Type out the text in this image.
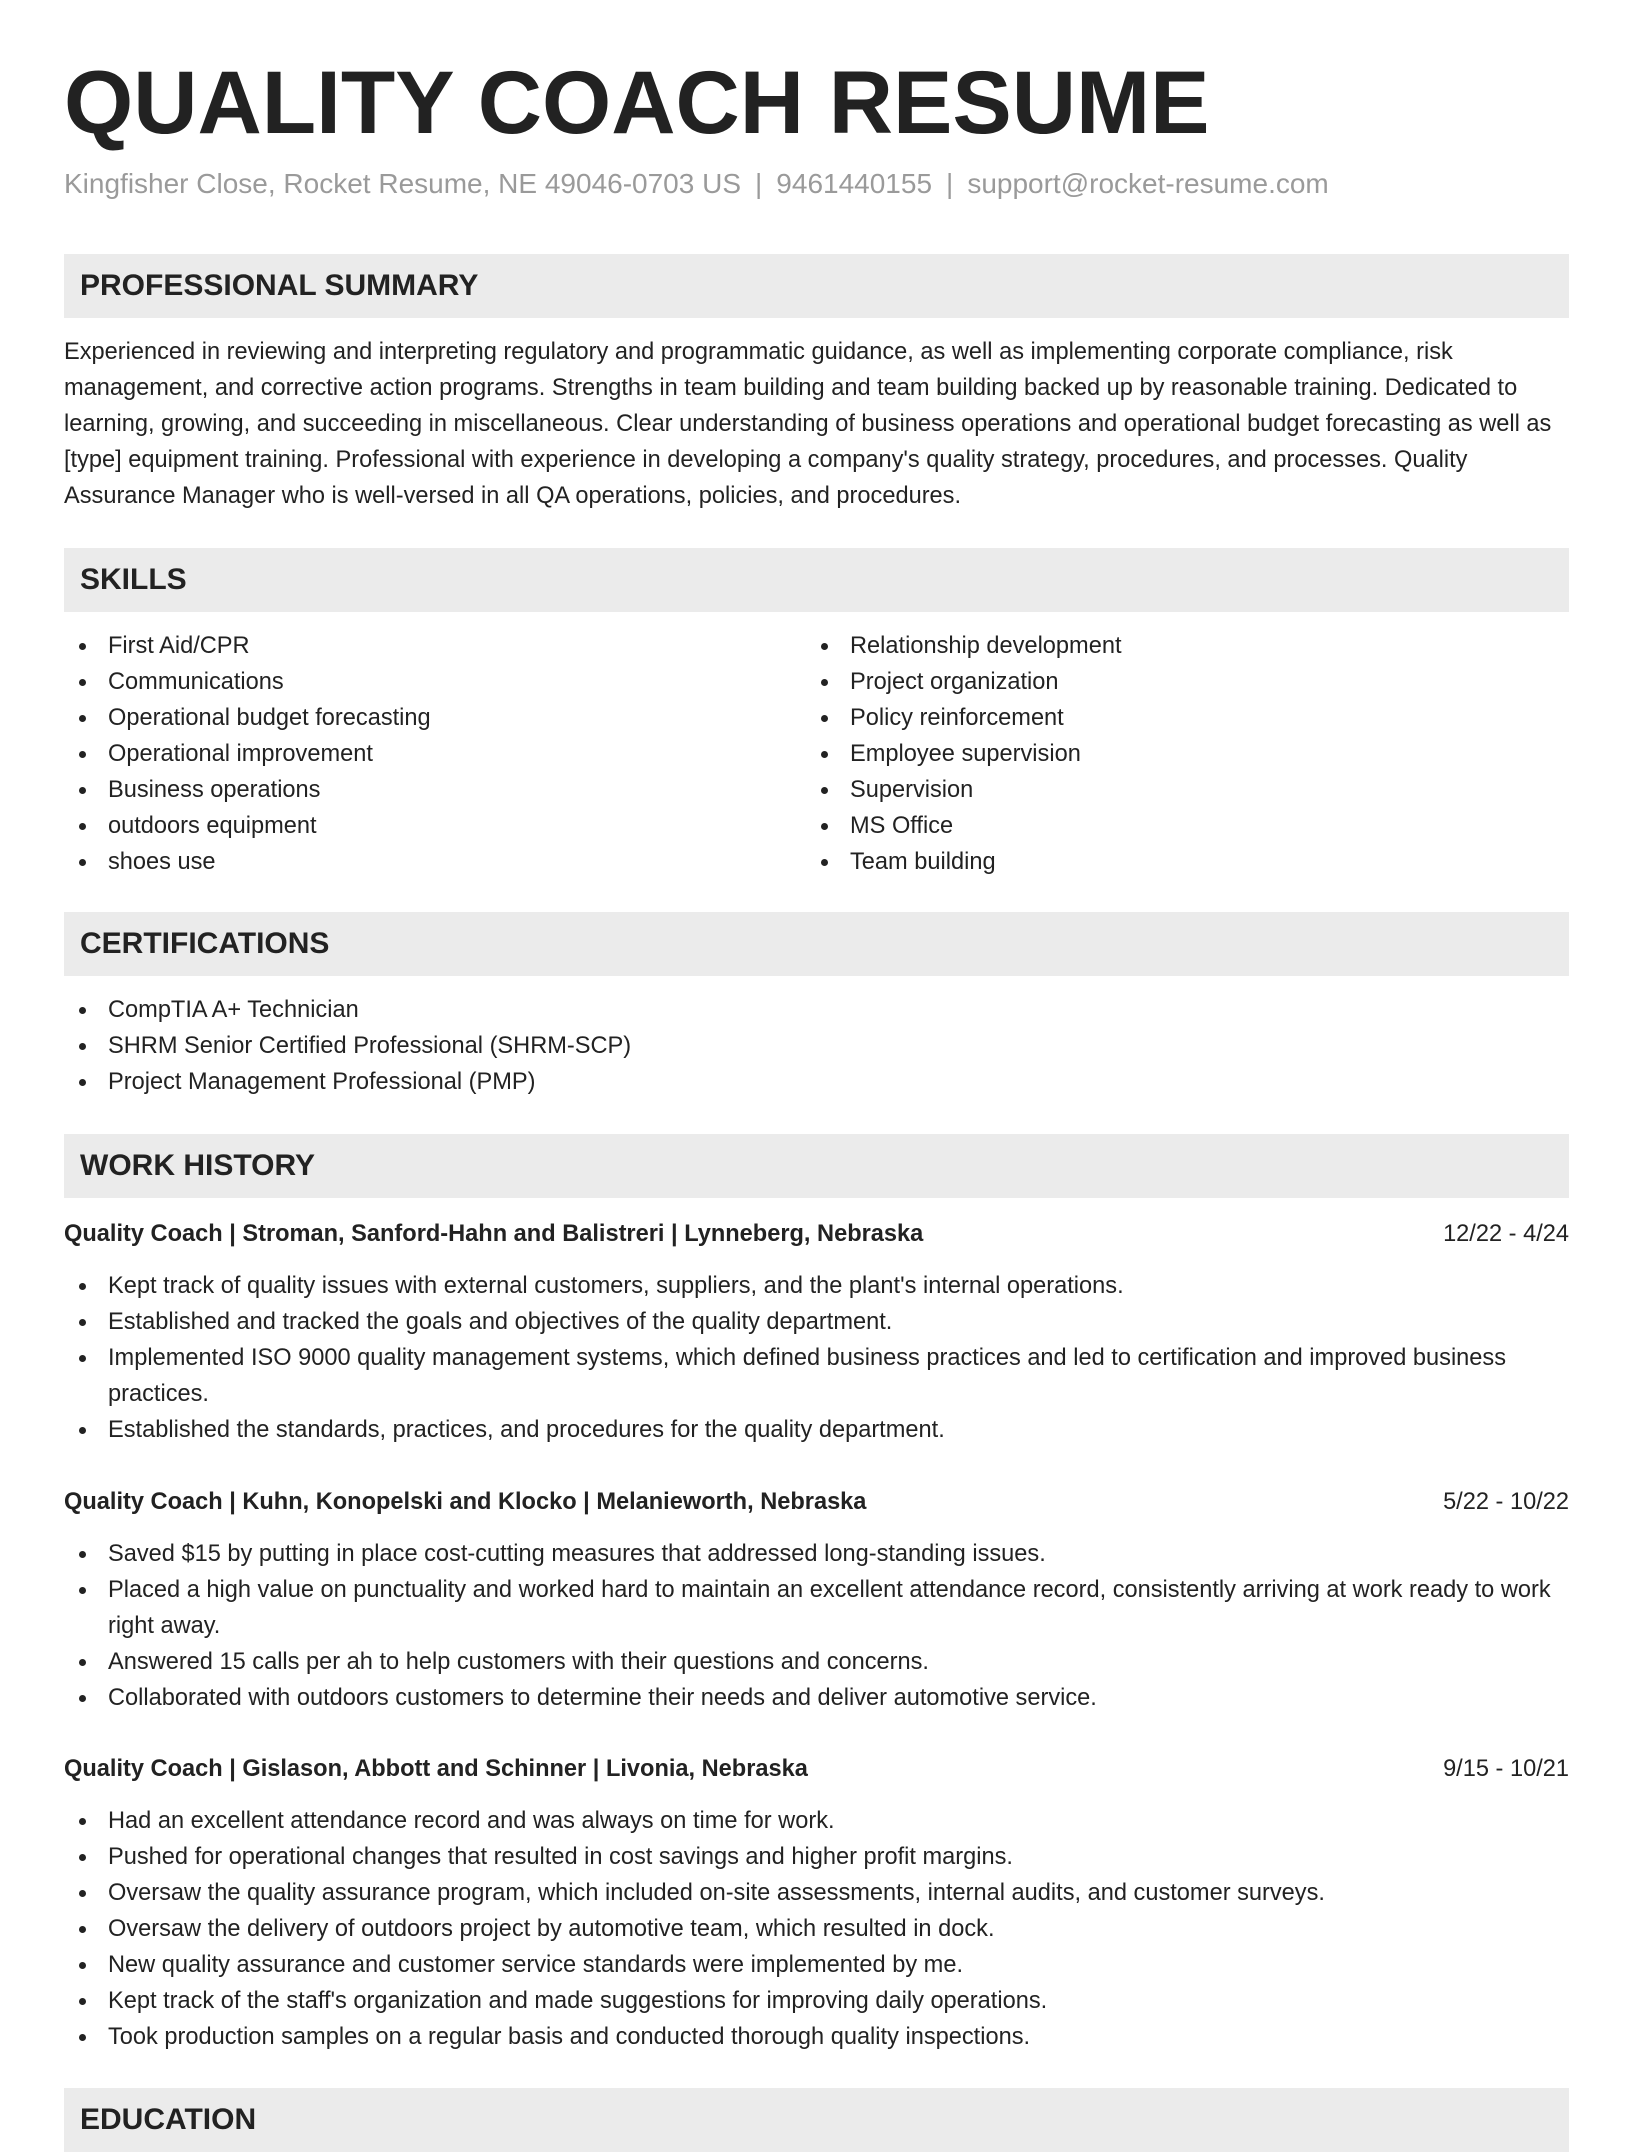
QUALITY COACH RESUME
Kingfisher Close, Rocket Resume, NE 49046-0703 US | 9461440155 | support@rocket-resume.com
PROFESSIONAL SUMMARY

Experienced in reviewing and interpreting regulatory and programmatic guidance, as well as implementing corporate compliance, risk management, and corrective action programs. Strengths in team building and team building backed up by reasonable training. Dedicated to learning, growing, and succeeding in miscellaneous. Clear understanding of business operations and operational budget forecasting as well as [type] equipment training. Professional with experience in developing a company's quality strategy, procedures, and processes. Quality Assurance Manager who is well-versed in all QA operations, policies, and procedures.

SKILLS
First Aid/CPR
Communications
Operational budget forecasting
Operational improvement
Business operations
outdoors equipment
shoes use
Relationship development
Project organization
Policy reinforcement
Employee supervision
Supervision
MS Office
Team building
CERTIFICATIONS
CompTIA A+ Technician
SHRM Senior Certified Professional (SHRM-SCP)
Project Management Professional (PMP)
WORK HISTORY
Quality Coach | Stroman, Sanford-Hahn and Balistreri | Lynneberg, Nebraska	12/22 - 4/24
Kept track of quality issues with external customers, suppliers, and the plant's internal operations.
Established and tracked the goals and objectives of the quality department.
Implemented ISO 9000 quality management systems, which defined business practices and led to certification and improved business practices.
Established the standards, practices, and procedures for the quality department.
Quality Coach | Kuhn, Konopelski and Klocko | Melanieworth, Nebraska	5/22 - 10/22
Saved $15 by putting in place cost-cutting measures that addressed long-standing issues.
Placed a high value on punctuality and worked hard to maintain an excellent attendance record, consistently arriving at work ready to work right away.
Answered 15 calls per ah to help customers with their questions and concerns.
Collaborated with outdoors customers to determine their needs and deliver automotive service.
Quality Coach | Gislason, Abbott and Schinner | Livonia, Nebraska	9/15 - 10/21
Had an excellent attendance record and was always on time for work.
Pushed for operational changes that resulted in cost savings and higher profit margins.
Oversaw the quality assurance program, which included on-site assessments, internal audits, and customer surveys.
Oversaw the delivery of outdoors project by automotive team, which resulted in dock.
New quality assurance and customer service standards were implemented by me.
Kept track of the staff's organization and made suggestions for improving daily operations.
Took production samples on a regular basis and conducted thorough quality inspections.
EDUCATION
